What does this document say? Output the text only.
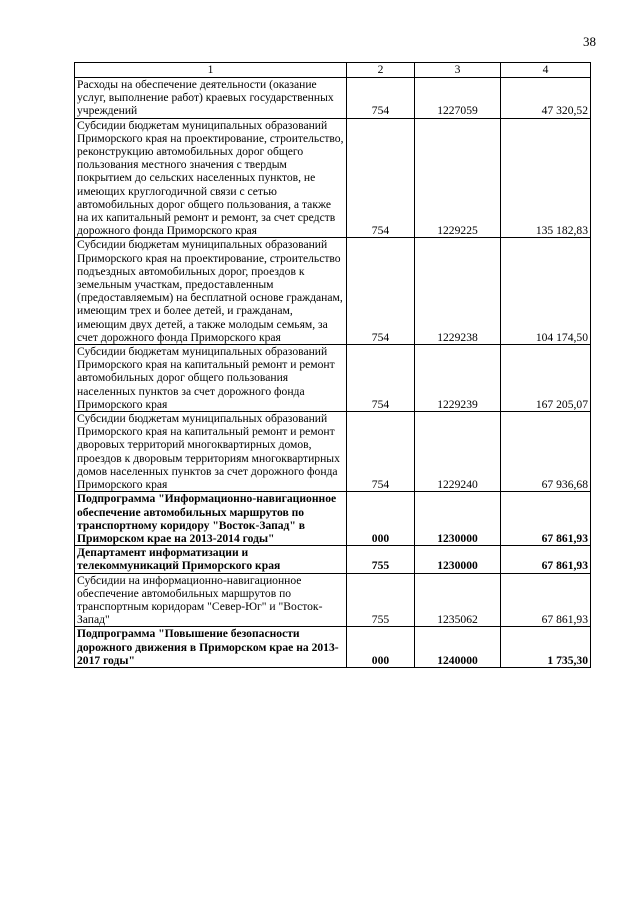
38
1	2	3	4
Расходы на обеспечение деятельности (оказание услуг, выполнение работ) краевых государственных учреждений	754	1227059	47 320,52
Субсидии бюджетам муниципальных образований Приморского края на проектирование, строительство, реконструкцию автомобильных дорог общего пользования местного значения с твердым покрытием до сельских населенных пунктов, не имеющих круглогодичной связи с сетью автомобильных дорог общего пользования, а также на их капитальный ремонт и ремонт, за счет средств дорожного фонда Приморского края	754	1229225	135 182,83
Субсидии бюджетам муниципальных образований Приморского края на проектирование, строительство подъездных автомобильных дорог, проездов к земельным участкам, предоставленным (предоставляемым) на бесплатной основе гражданам, имеющим трех и более детей, и гражданам, имеющим двух детей, а также молодым семьям, за счет дорожного фонда Приморского края	754	1229238	104 174,50
Субсидии бюджетам муниципальных образований Приморского края на капитальный ремонт и ремонт автомобильных дорог общего пользования населенных пунктов за счет дорожного фонда Приморского края	754	1229239	167 205,07
Субсидии бюджетам муниципальных образований Приморского края на капитальный ремонт и ремонт дворовых территорий многоквартирных домов, проездов к дворовым территориям многоквартирных домов населенных пунктов за счет дорожного фонда Приморского края	754	1229240	67 936,68
Подпрограмма "Информационно-навигационное обеспечение автомобильных маршрутов по транспортному коридору "Восток-Запад" в Приморском крае на 2013-2014 годы"	000	1230000	67 861,93
Департамент информатизации и телекоммуникаций Приморского края	755	1230000	67 861,93
Субсидии на информационно-навигационное обеспечение автомобильных маршрутов по транспортным коридорам "Север-Юг" и "Восток-Запад"	755	1235062	67 861,93
Подпрограмма "Повышение безопасности дорожного движения в Приморском крае на 2013-2017 годы"	000	1240000	1 735,30
